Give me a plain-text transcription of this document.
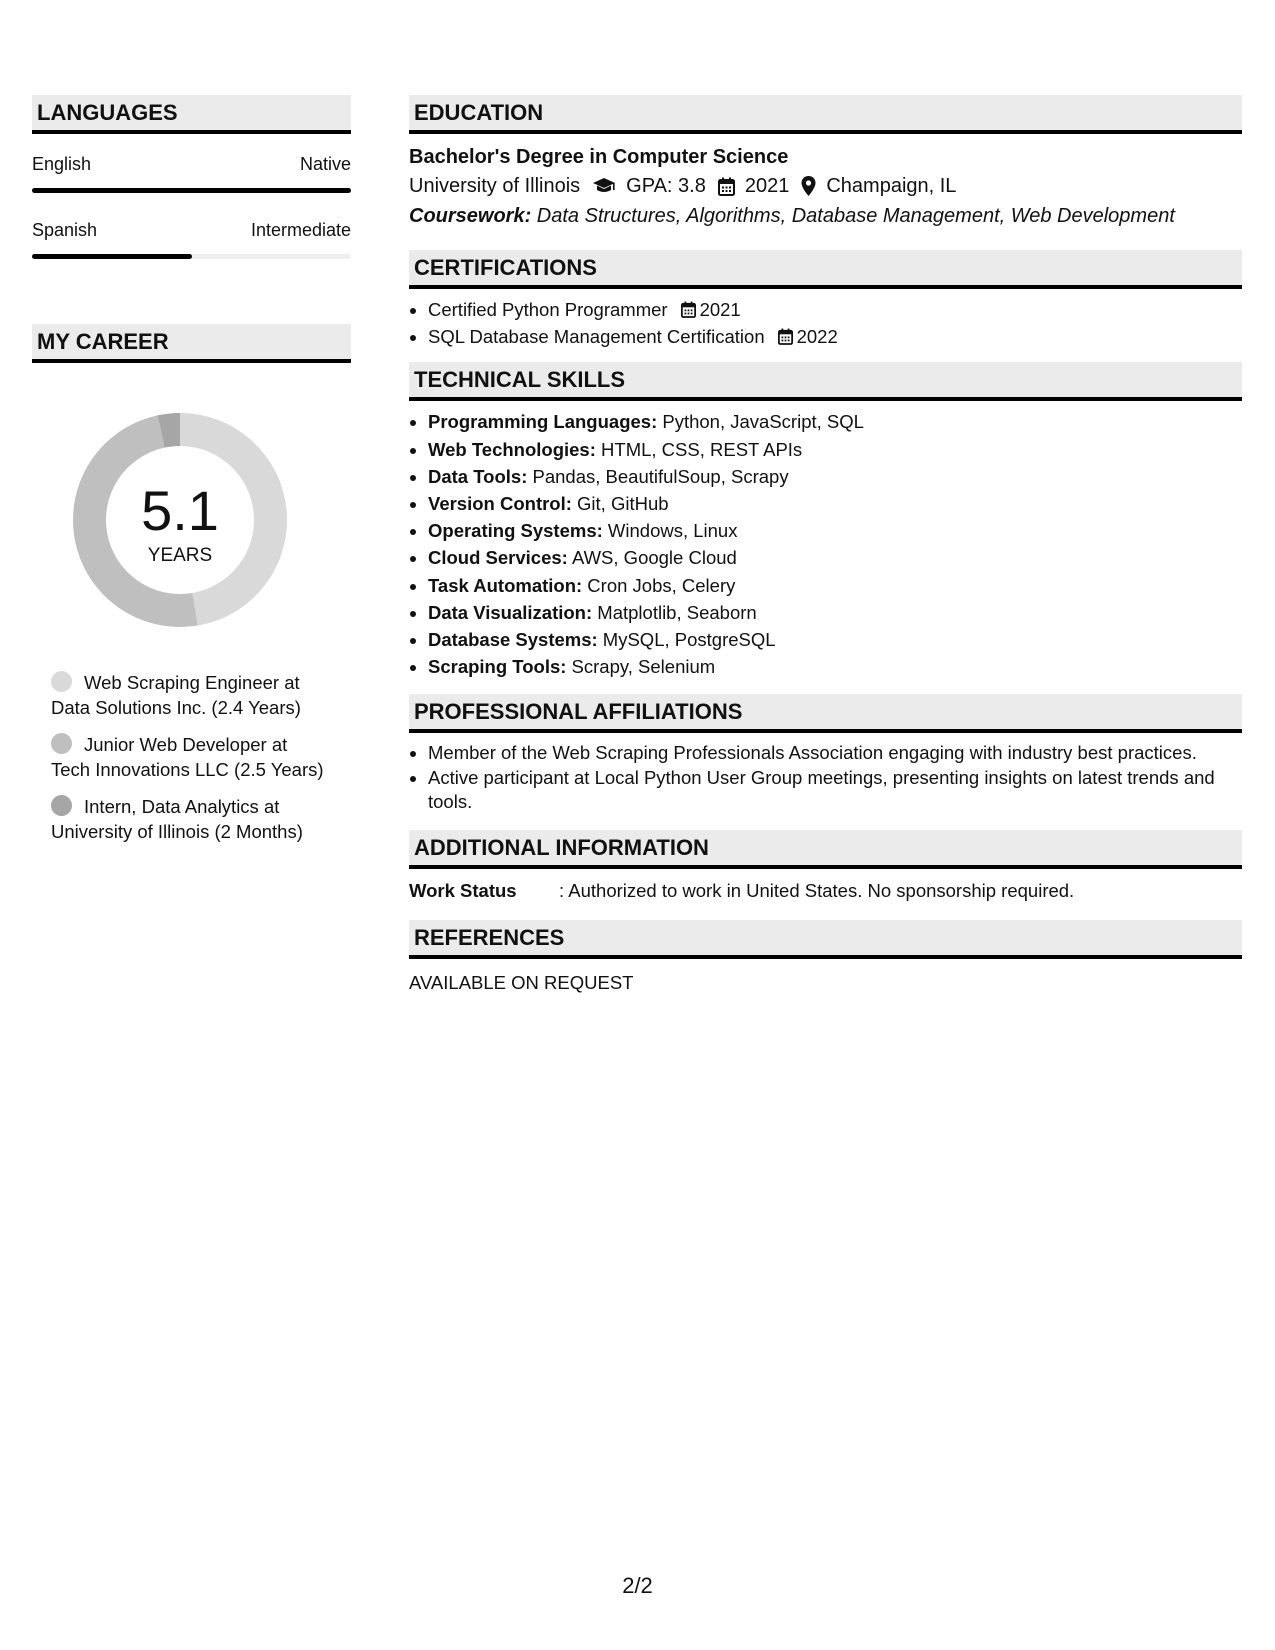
LANGUAGES
English	Native
Spanish	Intermediate
MY CAREER
5.1
YEARS
Web Scraping Engineer at
Data Solutions Inc. (2.4 Years)
Junior Web Developer at
Tech Innovations LLC (2.5 Years)
Intern, Data Analytics at
University of Illinois (2 Months)
EDUCATION
Bachelor's Degree in Computer Science
University of Illinois GPA: 3.8 2021 Champaign, IL
Coursework: Data Structures, Algorithms, Database Management, Web Development
CERTIFICATIONS
• Certified Python Programmer 2021
• SQL Database Management Certification 2022
TECHNICAL SKILLS
• Programming Languages: Python, JavaScript, SQL
• Web Technologies: HTML, CSS, REST APIs
• Data Tools: Pandas, BeautifulSoup, Scrapy
• Version Control: Git, GitHub
• Operating Systems: Windows, Linux
• Cloud Services: AWS, Google Cloud
• Task Automation: Cron Jobs, Celery
• Data Visualization: Matplotlib, Seaborn
• Database Systems: MySQL, PostgreSQL
• Scraping Tools: Scrapy, Selenium
PROFESSIONAL AFFILIATIONS
• Member of the Web Scraping Professionals Association engaging with industry best practices.
• Active participant at Local Python User Group meetings, presenting insights on latest trends and tools.
ADDITIONAL INFORMATION
Work Status	: Authorized to work in United States. No sponsorship required.
REFERENCES
AVAILABLE ON REQUEST
2/2
